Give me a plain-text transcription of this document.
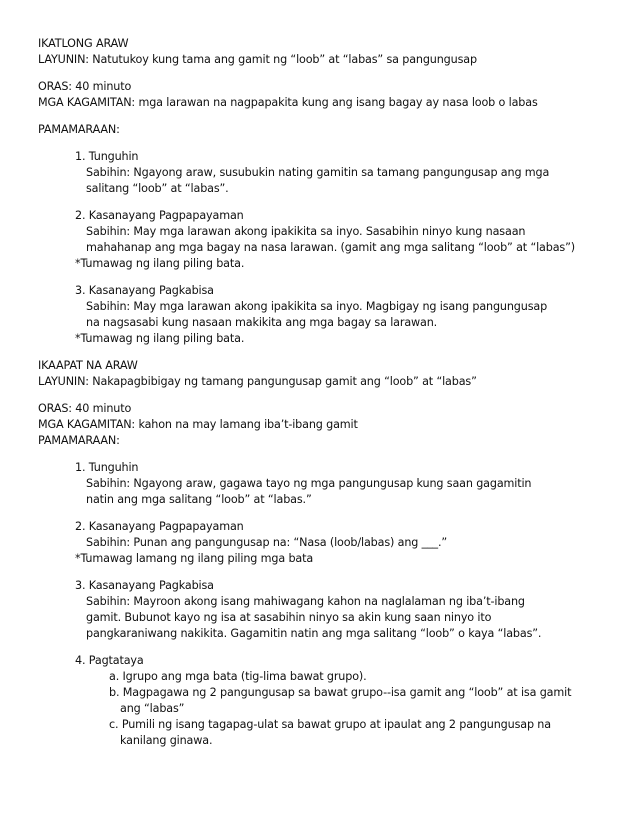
IKATLONG ARAW
LAYUNIN: Natutukoy kung tama ang gamit ng “loob” at “labas” sa pangungusap
ORAS: 40 minuto
MGA KAGAMITAN: mga larawan na nagpapakita kung ang isang bagay ay nasa loob o labas
PAMAMARAAN:
1. Tunguhin
Sabihin: Ngayong araw, susubukin nating gamitin sa tamang pangungusap ang mga
salitang “loob” at “labas”.
2. Kasanayang Pagpapayaman
Sabihin: May mga larawan akong ipakikita sa inyo. Sasabihin ninyo kung nasaan
mahahanap ang mga bagay na nasa larawan. (gamit ang mga salitang “loob” at “labas”)
*Tumawag ng ilang piling bata.
3. Kasanayang Pagkabisa
Sabihin: May mga larawan akong ipakikita sa inyo. Magbigay ng isang pangungusap
na nagsasabi kung nasaan makikita ang mga bagay sa larawan.
*Tumawag ng ilang piling bata.
IKAAPAT NA ARAW
LAYUNIN: Nakapagbibigay ng tamang pangungusap gamit ang “loob” at “labas”
ORAS: 40 minuto
MGA KAGAMITAN: kahon na may lamang iba’t-ibang gamit
PAMAMARAAN:
1. Tunguhin
Sabihin: Ngayong araw, gagawa tayo ng mga pangungusap kung saan gagamitin
natin ang mga salitang “loob” at “labas.”
2. Kasanayang Pagpapayaman
Sabihin: Punan ang pangungusap na: “Nasa (loob/labas) ang ___.”
*Tumawag lamang ng ilang piling mga bata
3. Kasanayang Pagkabisa
Sabihin: Mayroon akong isang mahiwagang kahon na naglalaman ng iba’t-ibang
gamit. Bubunot kayo ng isa at sasabihin ninyo sa akin kung saan ninyo ito
pangkaraniwang nakikita. Gagamitin natin ang mga salitang “loob” o kaya “labas”.
4. Pagtataya
a. Igrupo ang mga bata (tig-lima bawat grupo).
b. Magpagawa ng 2 pangungusap sa bawat grupo--isa gamit ang “loob” at isa gamit
ang “labas”
c. Pumili ng isang tagapag-ulat sa bawat grupo at ipaulat ang 2 pangungusap na
kanilang ginawa.
